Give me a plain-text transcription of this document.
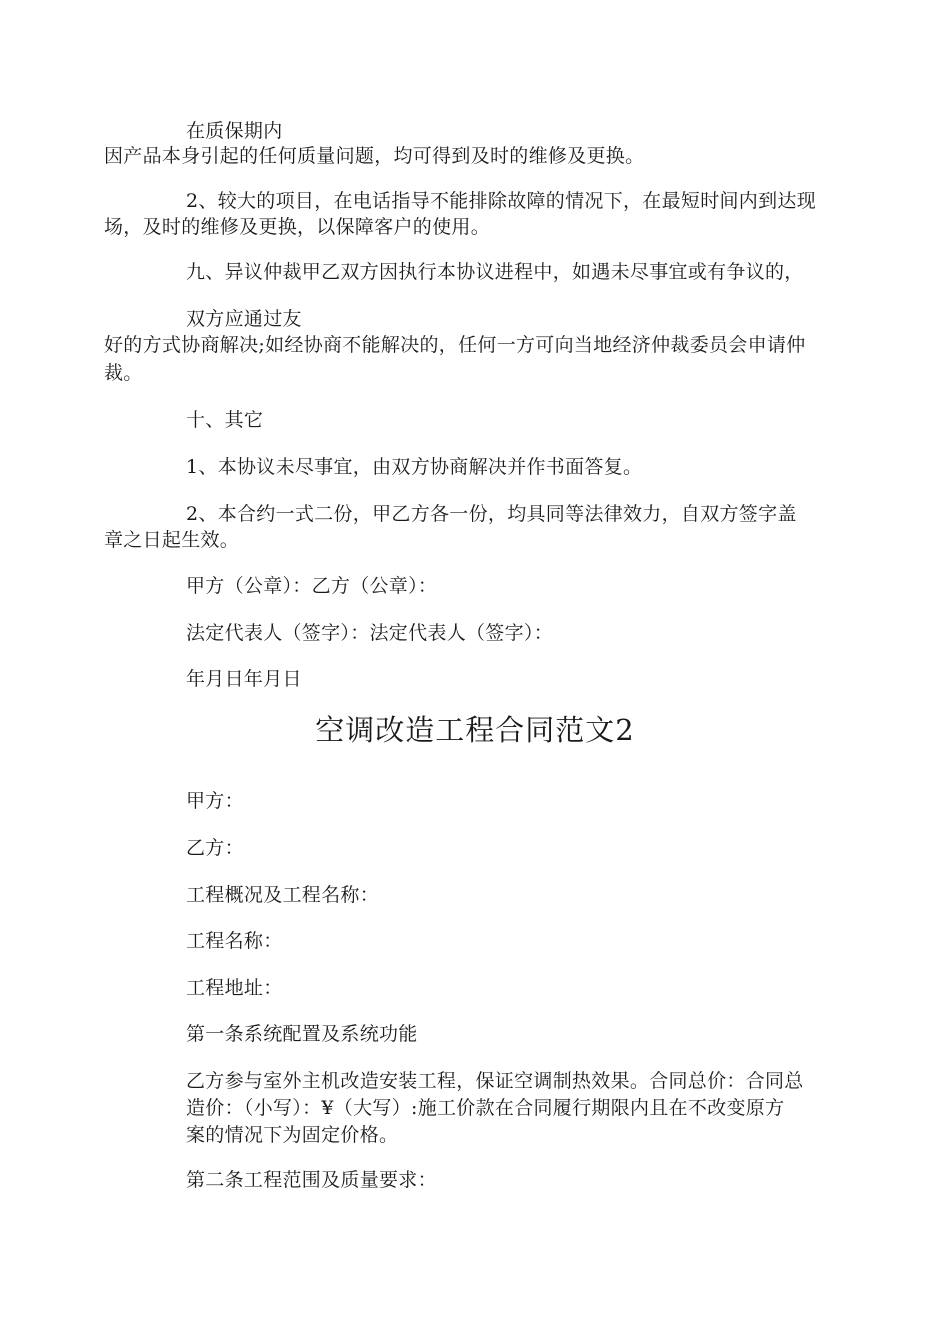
在质保期内
因产品本身引起的任何质量问题，均可得到及时的维修及更换。
2、较大的项目，在电话指导不能排除故障的情况下，在最短时间内到达现
场，及时的维修及更换，以保障客户的使用。
九、异议仲裁甲乙双方因执行本协议进程中，如遇未尽事宜或有争议的，
双方应通过友
好的方式协商解决;如经协商不能解决的，任何一方可向当地经济仲裁委员会申请仲
裁。
十、其它
1、本协议未尽事宜，由双方协商解决并作书面答复。
2、本合约一式二份，甲乙方各一份，均具同等法律效力，自双方签字盖
章之日起生效。
甲方（公章）：乙方（公章）：
法定代表人（签字）：法定代表人（签字）：
年月日年月日
空调改造工程合同范文2
甲方：
乙方：
工程概况及工程名称：
工程名称：
工程地址：
第一条系统配置及系统功能
乙方参与室外主机改造安装工程，保证空调制热效果。合同总价：合同总
造价：（小写）：¥（大写）:施工价款在合同履行期限内且在不改变原方
案的情况下为固定价格。
第二条工程范围及质量要求：
